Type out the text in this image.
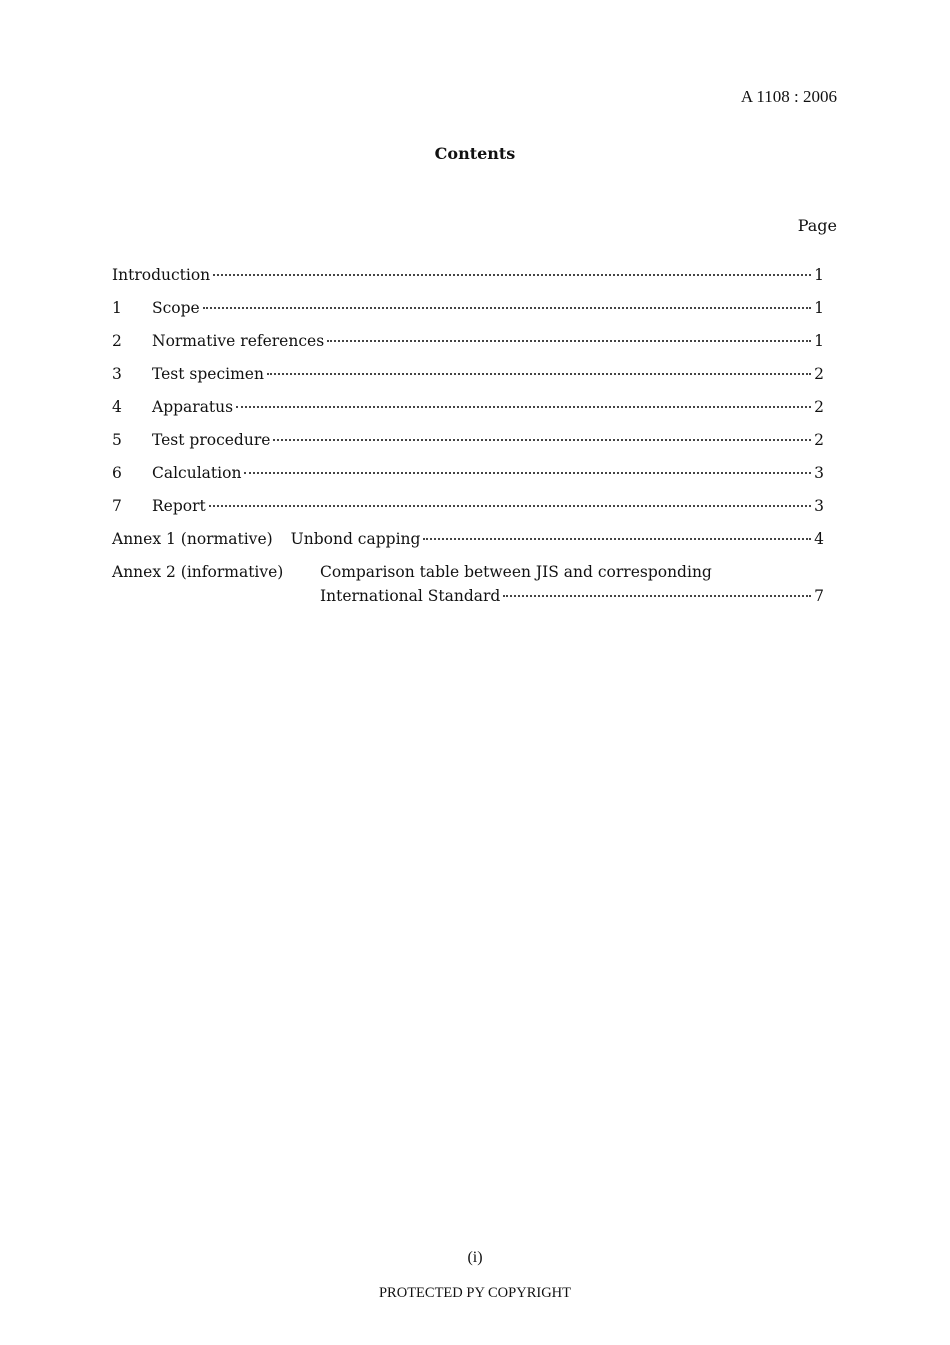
A 1108 : 2006
Contents
Page
Introduction	1
1	Scope	1
2	Normative references	1
3	Test specimen	2
4	Apparatus	2
5	Test procedure	2
6	Calculation	3
7	Report	3
Annex 1 (normative) Unbond capping	4
Annex 2 (informative)	Comparison table between JIS and corresponding
International Standard	7
(i)
PROTECTED PY COPYRIGHT
